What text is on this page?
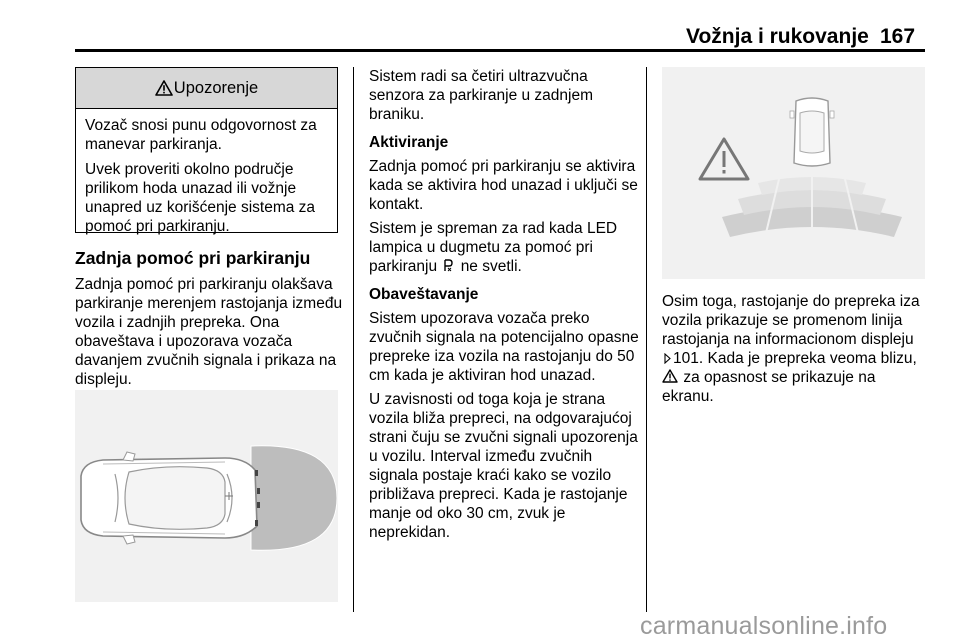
Vožnja i rukovanje 167
Upozorenje

Vozač snosi punu odgovornost za manevar parkiranja.

Uvek proveriti okolno područje prilikom hoda unazad ili vožnje unapred uz korišćenje sistema za pomoć pri parkiranju.

Zadnja pomoć pri parkiranju

Zadnja pomoć pri parkiranju olakšava parkiranje merenjem rastojanja između vozila i zadnjih prepreka. Ona obaveštava i upozorava vozača davanjem zvučnih signala i prikaza na displeju.

Sistem radi sa četiri ultrazvučna senzora za parkiranje u zadnjem braniku.

Aktiviranje

Zadnja pomoć pri parkiranju se aktivira kada se aktivira hod unazad i uključi se kontakt.

Sistem je spreman za rad kada LED lampica u dugmetu za pomoć pri parkiranju ne svetli.

Obaveštavanje

Sistem upozorava vozača preko zvučnih signala na potencijalno opasne prepreke iza vozila na rastojanju do 50 cm kada je aktiviran hod unazad.

U zavisnosti od toga koja je strana vozila bliža prepreci, na odgovarajućoj strani čuju se zvučni signali upozorenja u vozilu. Interval između zvučnih signala postaje kraći kako se vozilo približava prepreci. Kada je rastojanje manje od oko 30 cm, zvuk je neprekidan.

Osim toga, rastojanje do prepreka iza vozila prikazuje se promenom linija rastojanja na informacionom displeju 101. Kada je prepreka veoma blizu,  za opasnost se prikazuje na ekranu.

carmanualsonline.info
